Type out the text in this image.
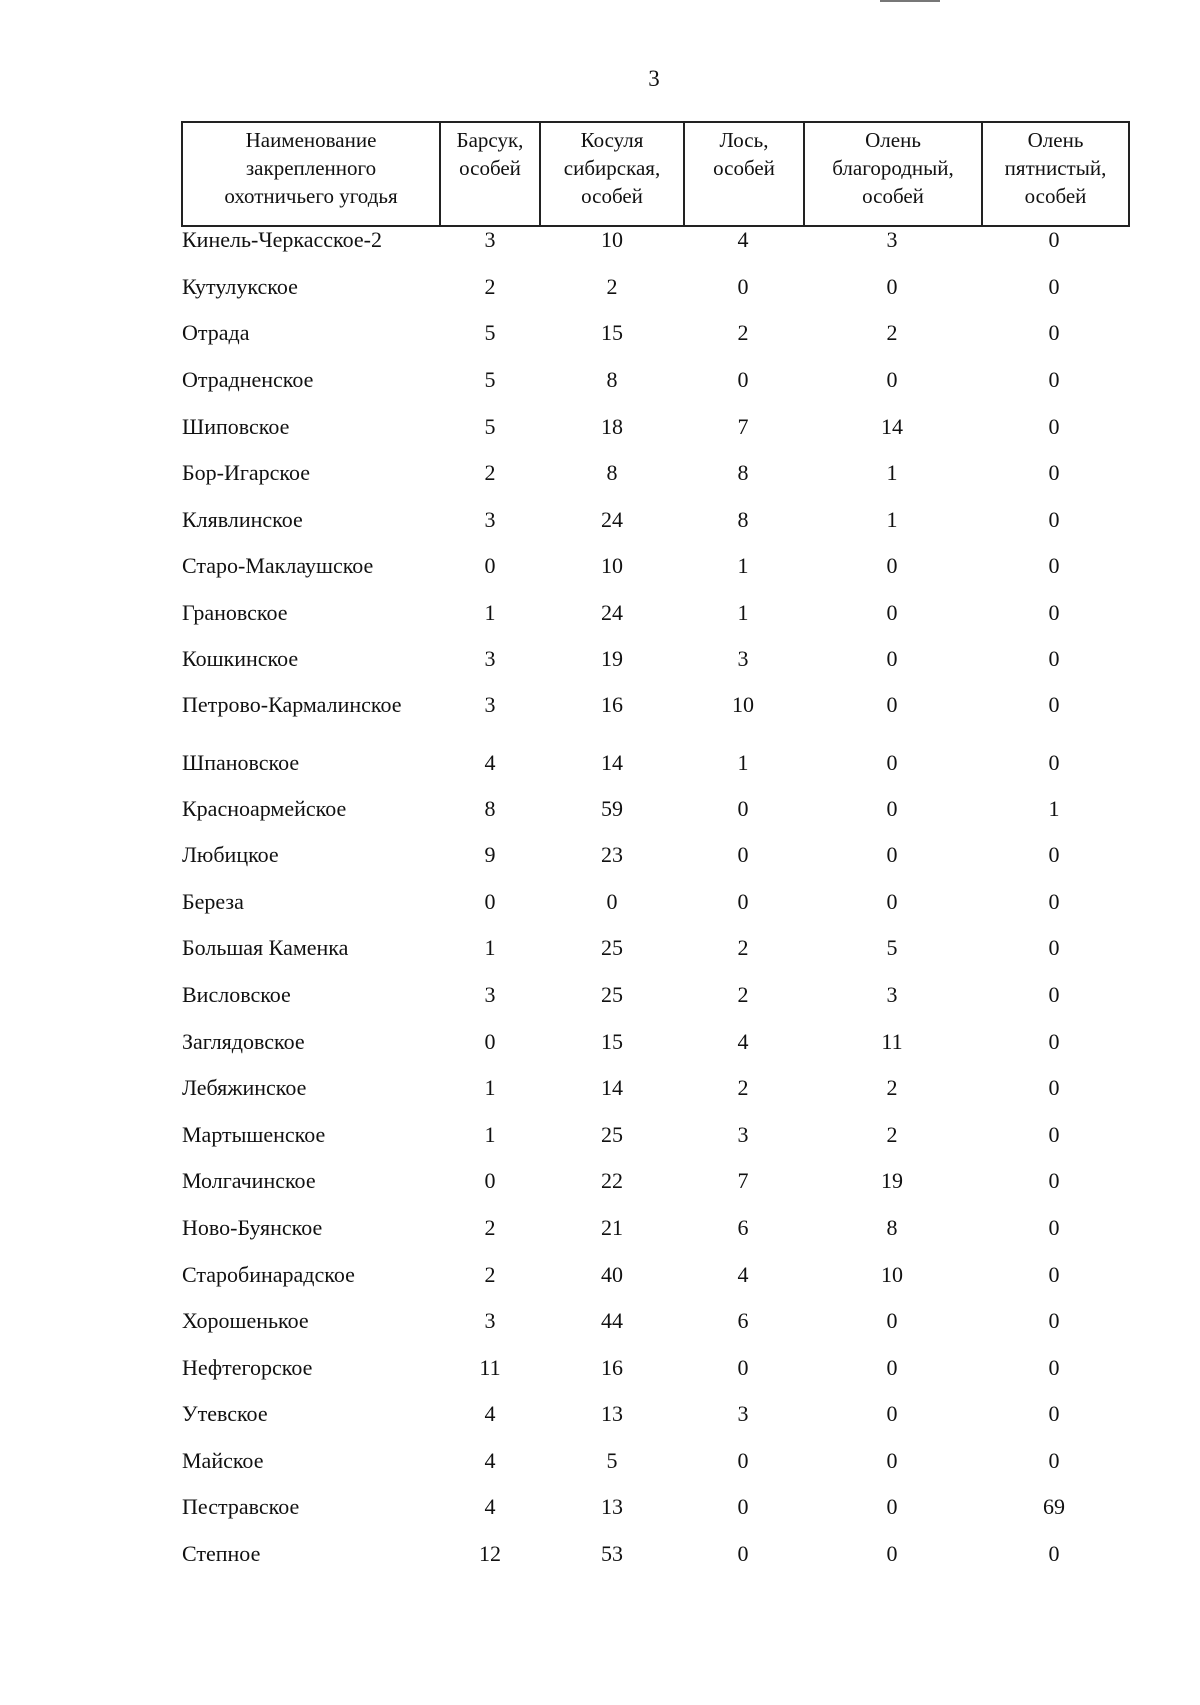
3
Наименование
закрепленного
охотничьего угодья	Барсук,
особей	Косуля
сибирская,
особей	Лось,
особей	Олень
благородный,
особей	Олень
пятнистый,
особей
Кинель-Черкасское-2	3	10	4	3	0
Кутулукское	2	2	0	0	0
Отрада	5	15	2	2	0
Отрадненское	5	8	0	0	0
Шиповское	5	18	7	14	0
Бор-Игарское	2	8	8	1	0
Клявлинское	3	24	8	1	0
Старо-Маклаушское	0	10	1	0	0
Грановское	1	24	1	0	0
Кошкинское	3	19	3	0	0
Петрово-Кармалинское	3	16	10	0	0
Шпановское	4	14	1	0	0
Красноармейское	8	59	0	0	1
Любицкое	9	23	0	0	0
Береза	0	0	0	0	0
Большая Каменка	1	25	2	5	0
Висловское	3	25	2	3	0
Заглядовское	0	15	4	11	0
Лебяжинское	1	14	2	2	0
Мартышенское	1	25	3	2	0
Молгачинское	0	22	7	19	0
Ново-Буянское	2	21	6	8	0
Старобинарадское	2	40	4	10	0
Хорошенькое	3	44	6	0	0
Нефтегорское	11	16	0	0	0
Утевское	4	13	3	0	0
Майское	4	5	0	0	0
Пестравское	4	13	0	0	69
Степное	12	53	0	0	0
